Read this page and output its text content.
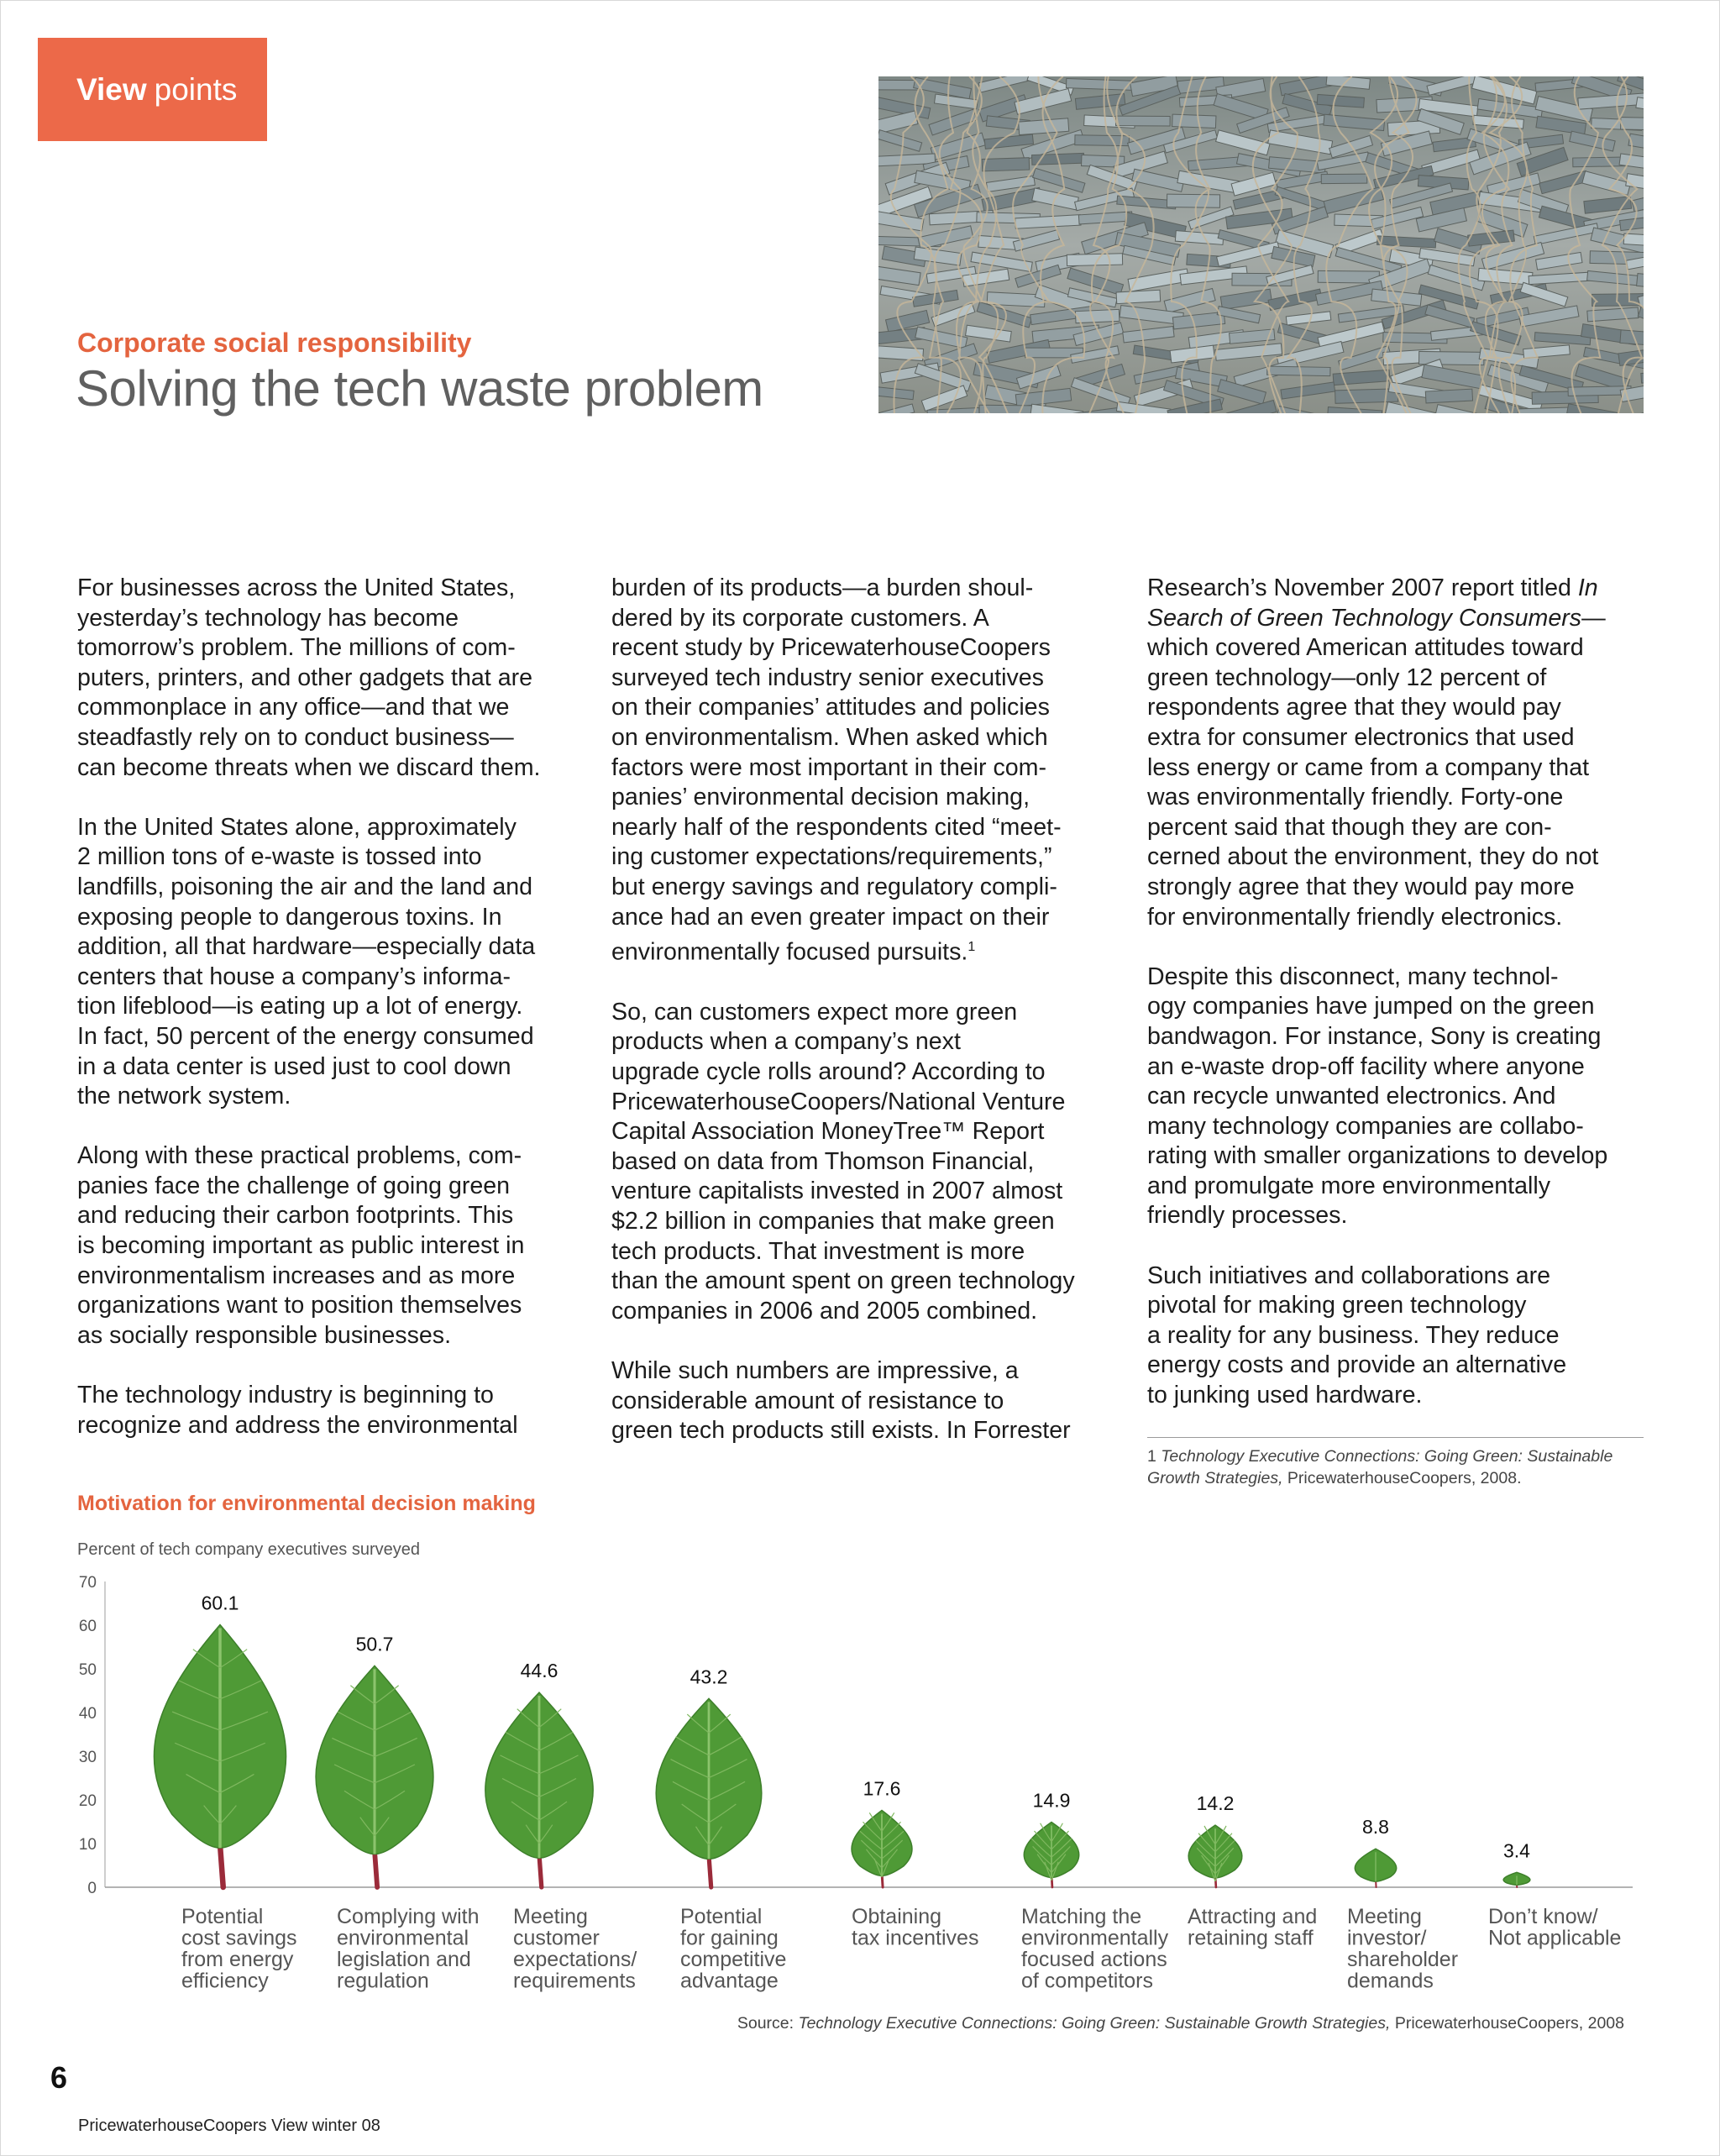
View points
Corporate social responsibility
Solving the tech waste problem

For businesses across the United States,
yesterday’s technology has become
tomorrow’s problem. The millions of com-
puters, printers, and other gadgets that are
commonplace in any office—and that we
steadfastly rely on to conduct business—
can become threats when we discard them.

In the United States alone, approximately
2 million tons of e-waste is tossed into
landfills, poisoning the air and the land and
exposing people to dangerous toxins. In
addition, all that hardware—especially data
centers that house a company’s informa-
tion lifeblood—is eating up a lot of energy.
In fact, 50 percent of the energy consumed
in a data center is used just to cool down
the network system.

Along with these practical problems, com-
panies face the challenge of going green
and reducing their carbon footprints. This
is becoming important as public interest in
environmentalism increases and as more
organizations want to position themselves
as socially responsible businesses.

The technology industry is beginning to
recognize and address the environmental

burden of its products—a burden shoul-
dered by its corporate customers. A
recent study by PricewaterhouseCoopers
surveyed tech industry senior executives
on their companies’ attitudes and policies
on environmentalism. When asked which
factors were most important in their com-
panies’ environmental decision making,
nearly half of the respondents cited “meet-
ing customer expectations/requirements,”
but energy savings and regulatory compli-
ance had an even greater impact on their
environmentally focused pursuits.$^1$

So, can customers expect more green
products when a company’s next
upgrade cycle rolls around? According to
PricewaterhouseCoopers/National Venture
Capital Association MoneyTree™ Report
based on data from Thomson Financial,
venture capitalists invested in 2007 almost
$2.2 billion in companies that make green
tech products. That investment is more
than the amount spent on green technology
companies in 2006 and 2005 combined.

While such numbers are impressive, a
considerable amount of resistance to
green tech products still exists. In Forrester

Research’s November 2007 report titled In
Search of Green Technology Consumers—
which covered American attitudes toward
green technology—only 12 percent of
respondents agree that they would pay
extra for consumer electronics that used
less energy or came from a company that
was environmentally friendly. Forty-one
percent said that though they are con-
cerned about the environment, they do not
strongly agree that they would pay more
for environmentally friendly electronics.

Despite this disconnect, many technol-
ogy companies have jumped on the green
bandwagon. For instance, Sony is creating
an e-waste drop-off facility where anyone
can recycle unwanted electronics. And
many technology companies are collabo-
rating with smaller organizations to develop
and promulgate more environmentally
friendly processes.

Such initiatives and collaborations are
pivotal for making green technology
a reality for any business. They reduce
energy costs and provide an alternative
to junking used hardware.

1 Technology Executive Connections: Going Green: Sustainable
Growth Strategies, PricewaterhouseCoopers, 2008.
Motivation for environmental decision making
Percent of tech company executives surveyed
0
10
20
30
40
50
60
70
60.1
Potential cost savings from energy efficiency
50.7
Complying with environmental legislation and regulation
44.6
Meeting customer expectations/ requirements
43.2
Potential for gaining competitive advantage
17.6
Obtaining tax incentives
14.9
Matching the environmentally focused actions of competitors
14.2
Attracting and retaining staff
8.8
Meeting investor/ shareholder demands
3.4
Don’t know/ Not applicable
Source: Technology Executive Connections: Going Green: Sustainable Growth Strategies, PricewaterhouseCoopers, 2008
6
PricewaterhouseCoopers View winter 08
